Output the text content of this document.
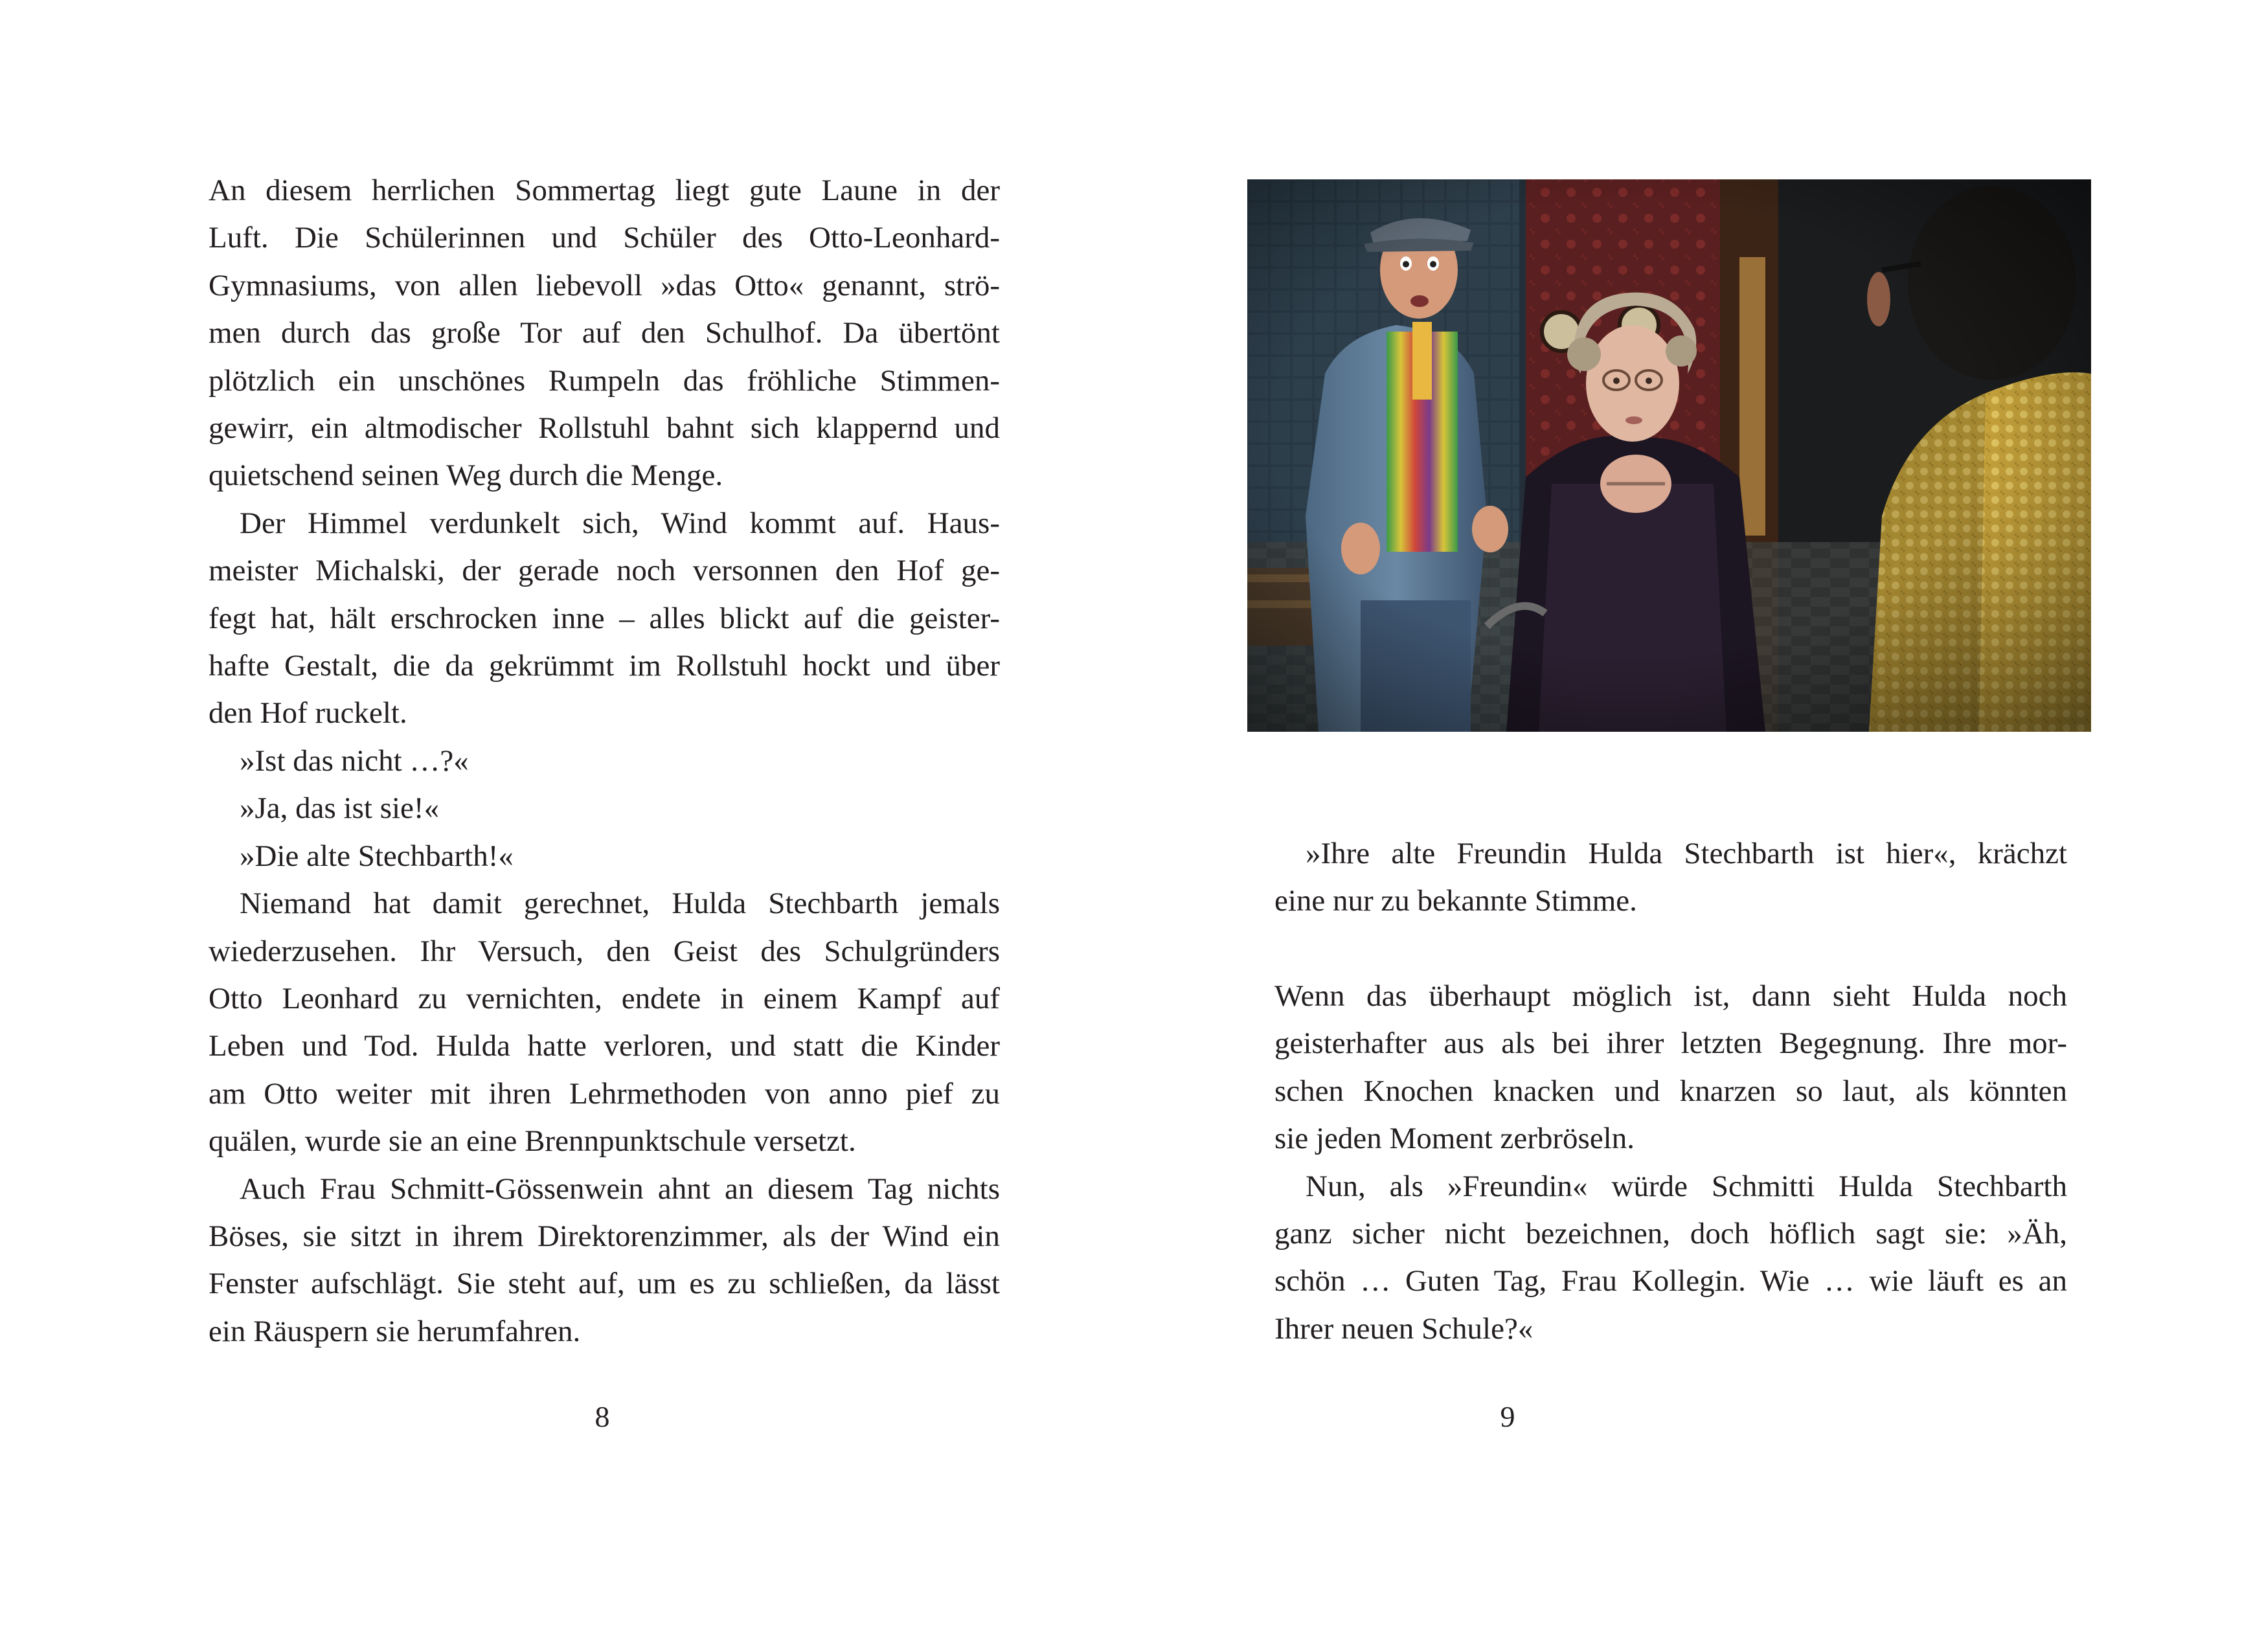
An diesem herrlichen Sommertag liegt gute Laune in der
Luft. Die Schülerinnen und Schüler des Otto-Leonhard-
Gymnasiums, von allen liebevoll »das Otto« genannt, strö-
men durch das große Tor auf den Schulhof. Da übertönt
plötzlich ein unschönes Rumpeln das fröhliche Stimmen-
gewirr, ein altmodischer Rollstuhl bahnt sich klappernd und
quietschend seinen Weg durch die Menge.
Der Himmel verdunkelt sich, Wind kommt auf. Haus-
meister Michalski, der gerade noch versonnen den Hof ge-
fegt hat, hält erschrocken inne – alles blickt auf die geister-
hafte Gestalt, die da gekrümmt im Rollstuhl hockt und über
den Hof ruckelt.
»Ist das nicht …?«
»Ja, das ist sie!«
»Die alte Stechbarth!«
Niemand hat damit gerechnet, Hulda Stechbarth jemals
wiederzusehen. Ihr Versuch, den Geist des Schulgründers
Otto Leonhard zu vernichten, endete in einem Kampf auf
Leben und Tod. Hulda hatte verloren, und statt die Kinder
am Otto weiter mit ihren Lehrmethoden von anno pief zu
quälen, wurde sie an eine Brennpunktschule versetzt.
Auch Frau Schmitt-Gössenwein ahnt an diesem Tag nichts
Böses, sie sitzt in ihrem Direktorenzimmer, als der Wind ein
Fenster aufschlägt. Sie steht auf, um es zu schließen, da lässt
ein Räuspern sie herumfahren.
8
»Ihre alte Freundin Hulda Stechbarth ist hier«, krächzt
eine nur zu bekannte Stimme.
Wenn das überhaupt möglich ist, dann sieht Hulda noch
geisterhafter aus als bei ihrer letzten Begegnung. Ihre mor-
schen Knochen knacken und knarzen so laut, als könnten
sie jeden Moment zerbröseln.
Nun, als »Freundin« würde Schmitti Hulda Stechbarth
ganz sicher nicht bezeichnen, doch höflich sagt sie: »Äh,
schön … Guten Tag, Frau Kollegin. Wie … wie läuft es an
Ihrer neuen Schule?«
9
